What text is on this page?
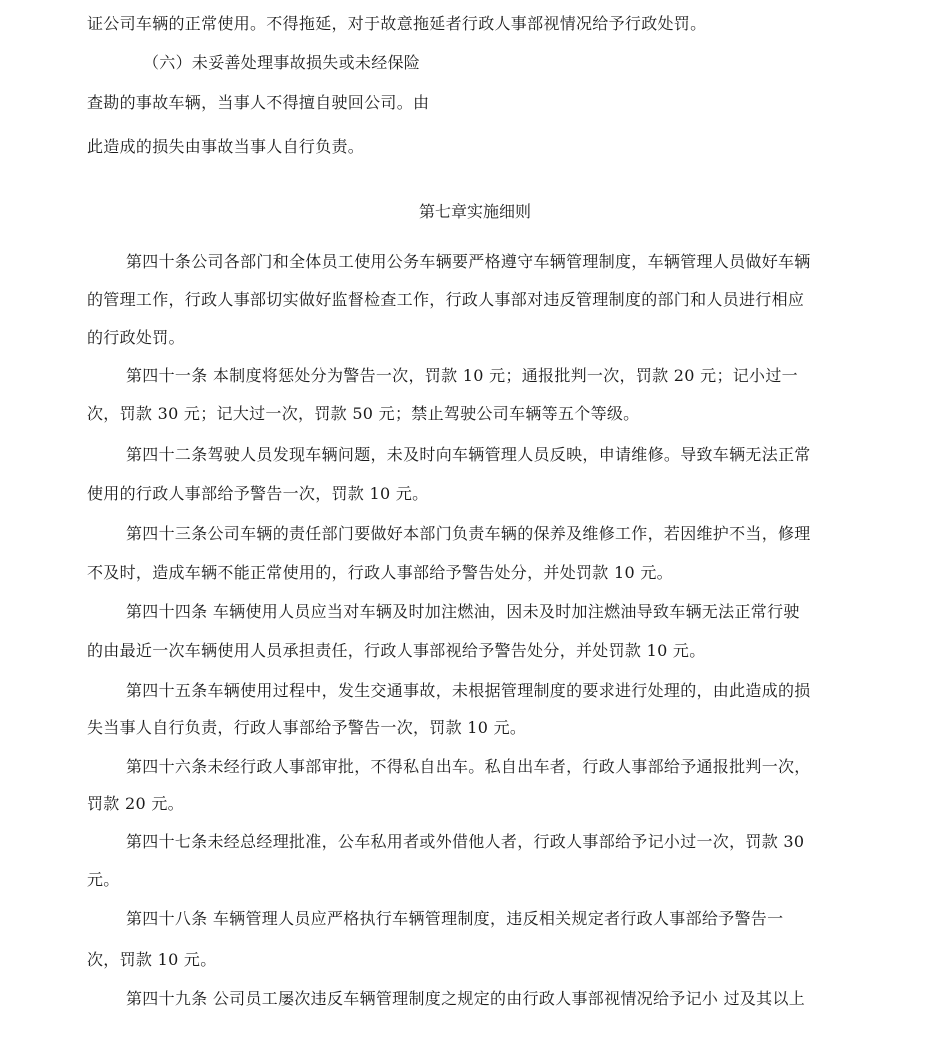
证公司车辆的正常使用。不得拖延，对于故意拖延者行政人事部视情况给予行政处罚。
（六）未妥善处理事故损失或未经保险
查勘的事故车辆，当事人不得擅自驶回公司。由
此造成的损失由事故当事人自行负责。
第七章实施细则
第四十条公司各部门和全体员工使用公务车辆要严格遵守车辆管理制度，车辆管理人员做好车辆
的管理工作，行政人事部切实做好监督检查工作，行政人事部对违反管理制度的部门和人员进行相应
的行政处罚。
第四十一条 本制度将惩处分为警告一次，罚款 10 元；通报批判一次，罚款 20 元；记小过一
次，罚款 30 元；记大过一次，罚款 50 元；禁止驾驶公司车辆等五个等级。
第四十二条驾驶人员发现车辆问题，未及时向车辆管理人员反映，申请维修。导致车辆无法正常
使用的行政人事部给予警告一次，罚款 10 元。
第四十三条公司车辆的责任部门要做好本部门负责车辆的保养及维修工作，若因维护不当，修理
不及时，造成车辆不能正常使用的，行政人事部给予警告处分，并处罚款 10 元。
第四十四条 车辆使用人员应当对车辆及时加注燃油，因未及时加注燃油导致车辆无法正常行驶
的由最近一次车辆使用人员承担责任，行政人事部视给予警告处分，并处罚款 10 元。
第四十五条车辆使用过程中，发生交通事故，未根据管理制度的要求进行处理的，由此造成的损
失当事人自行负责，行政人事部给予警告一次，罚款 10 元。
第四十六条未经行政人事部审批，不得私自出车。私自出车者，行政人事部给予通报批判一次，
罚款 20 元。
第四十七条未经总经理批准，公车私用者或外借他人者，行政人事部给予记小过一次，罚款 30
元。
第四十八条 车辆管理人员应严格执行车辆管理制度，违反相关规定者行政人事部给予警告一
次，罚款 10 元。
第四十九条 公司员工屡次违反车辆管理制度之规定的由行政人事部视情况给予记小 过及其以上
